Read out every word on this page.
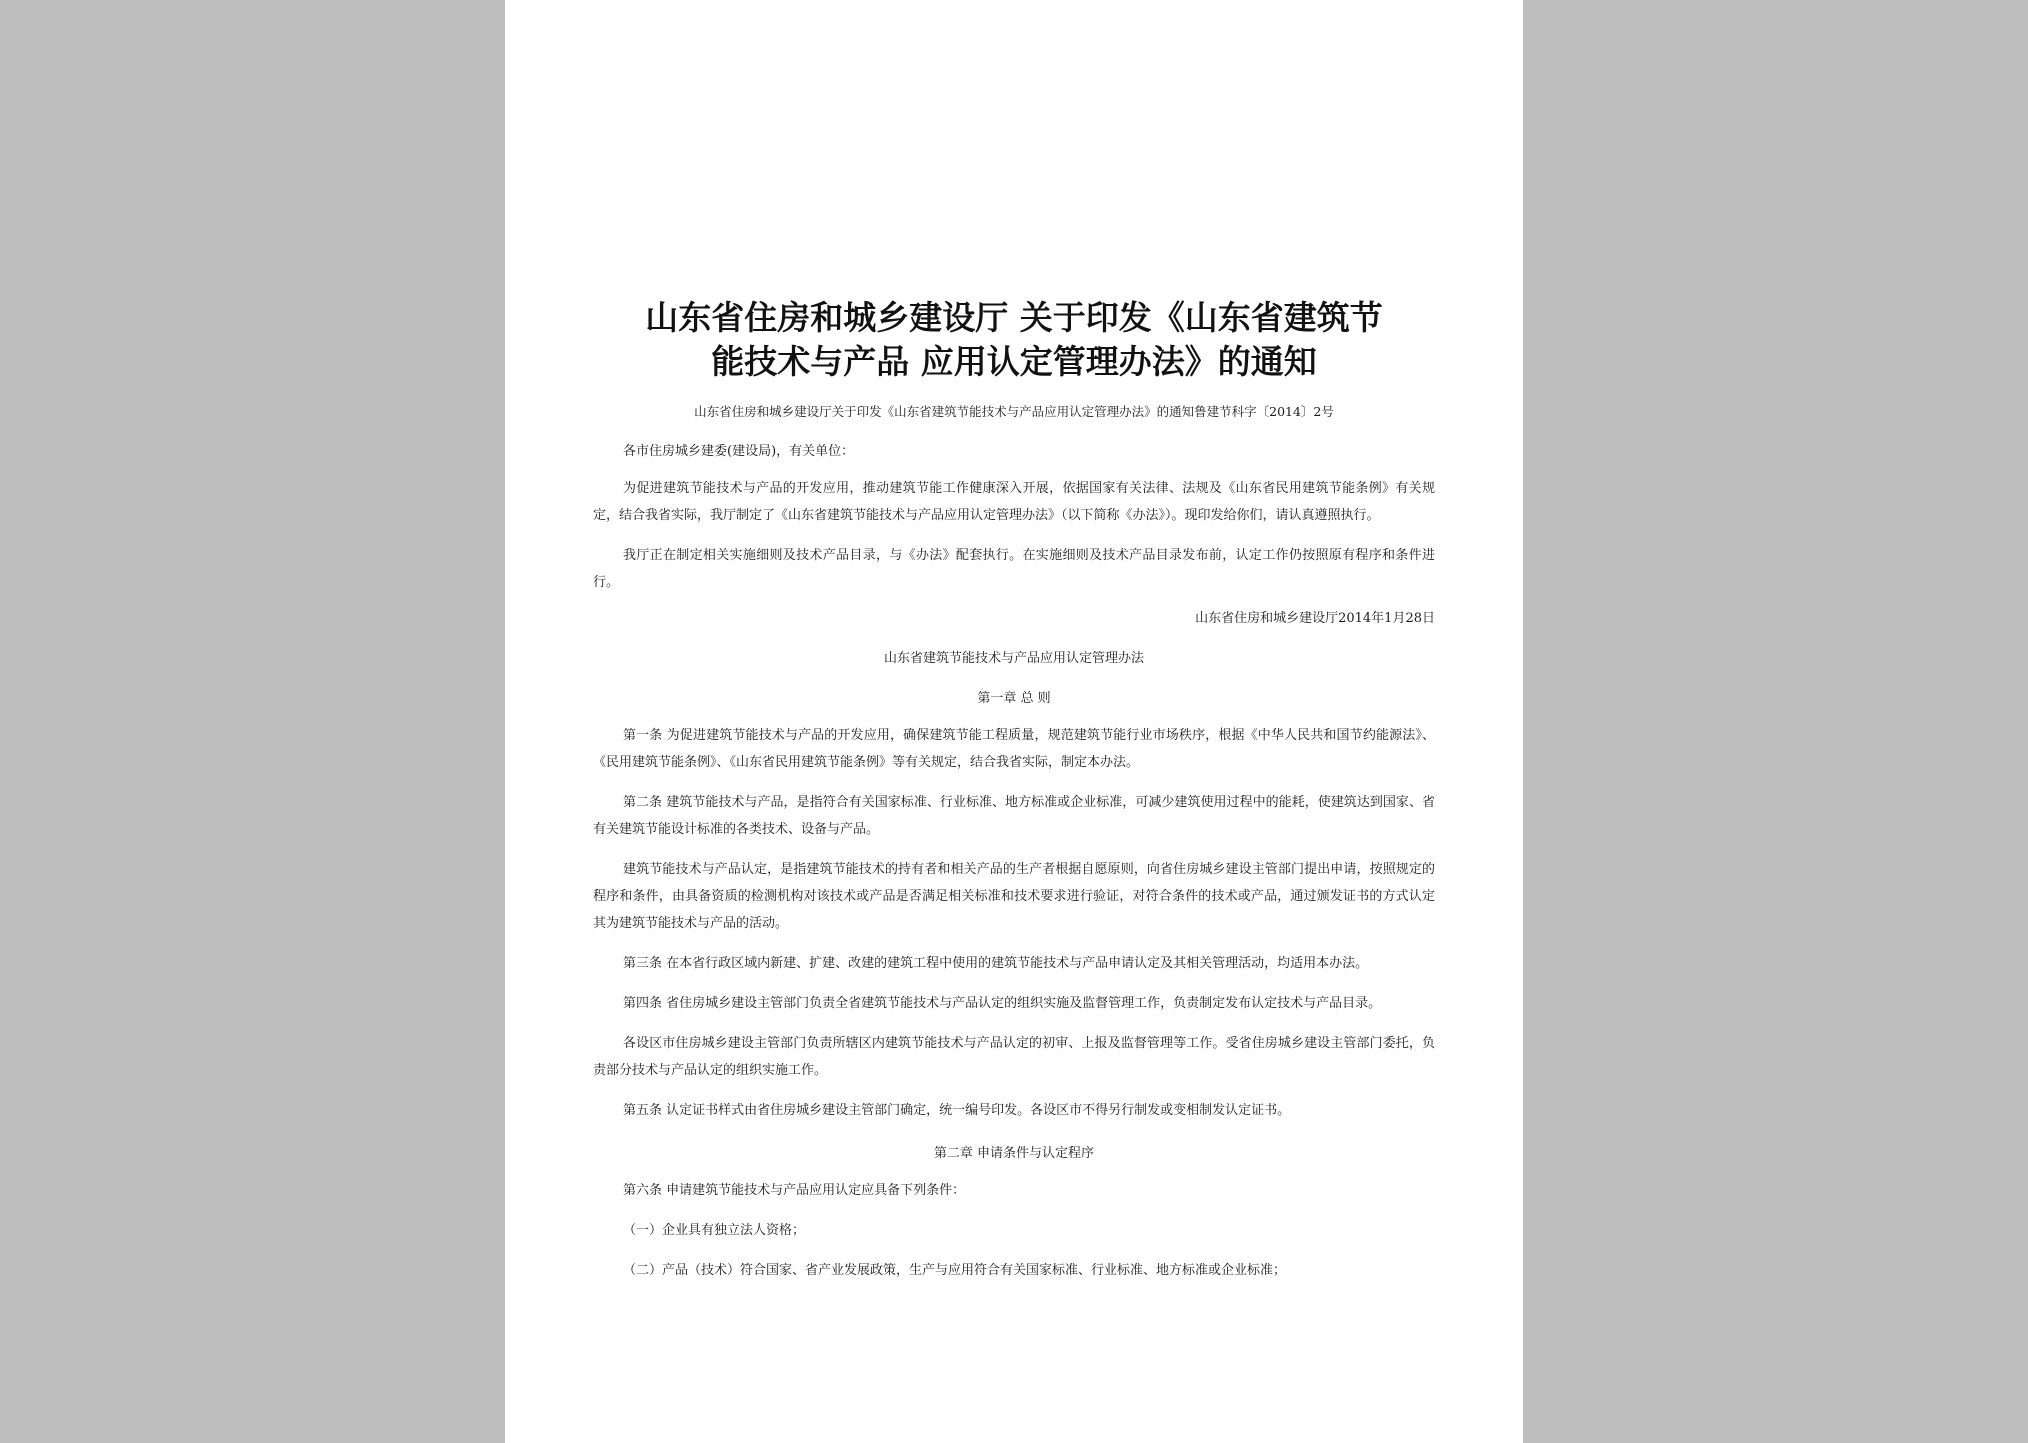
山东省住房和城乡建设厅 关于印发《山东省建筑节
能技术与产品 应用认定管理办法》的通知
山东省住房和城乡建设厅关于印发《山东省建筑节能技术与产品应用认定管理办法》的通知鲁建节科字〔2014〕2号
各市住房城乡建委(建设局)，有关单位：

为促进建筑节能技术与产品的开发应用，推动建筑节能工作健康深入开展，依据国家有关法律、法规及《山东省民用建筑节能条例》有关规定，结合我省实际，我厅制定了《山东省建筑节能技术与产品应用认定管理办法》（以下简称《办法》）。现印发给你们，请认真遵照执行。

我厅正在制定相关实施细则及技术产品目录，与《办法》配套执行。在实施细则及技术产品目录发布前，认定工作仍按照原有程序和条件进行。

山东省住房和城乡建设厅2014年1月28日
山东省建筑节能技术与产品应用认定管理办法
第一章 总 则

第一条 为促进建筑节能技术与产品的开发应用，确保建筑节能工程质量，规范建筑节能行业市场秩序，根据《中华人民共和国节约能源法》、《民用建筑节能条例》、《山东省民用建筑节能条例》等有关规定，结合我省实际，制定本办法。

第二条 建筑节能技术与产品，是指符合有关国家标准、行业标准、地方标准或企业标准，可减少建筑使用过程中的能耗，使建筑达到国家、省有关建筑节能设计标准的各类技术、设备与产品。

建筑节能技术与产品认定，是指建筑节能技术的持有者和相关产品的生产者根据自愿原则，向省住房城乡建设主管部门提出申请，按照规定的程序和条件，由具备资质的检测机构对该技术或产品是否满足相关标准和技术要求进行验证，对符合条件的技术或产品，通过颁发证书的方式认定其为建筑节能技术与产品的活动。

第三条 在本省行政区域内新建、扩建、改建的建筑工程中使用的建筑节能技术与产品申请认定及其相关管理活动，均适用本办法。

第四条 省住房城乡建设主管部门负责全省建筑节能技术与产品认定的组织实施及监督管理工作，负责制定发布认定技术与产品目录。

各设区市住房城乡建设主管部门负责所辖区内建筑节能技术与产品认定的初审、上报及监督管理等工作。受省住房城乡建设主管部门委托，负责部分技术与产品认定的组织实施工作。

第五条 认定证书样式由省住房城乡建设主管部门确定，统一编号印发。各设区市不得另行制发或变相制发认定证书。

第二章 申请条件与认定程序

第六条 申请建筑节能技术与产品应用认定应具备下列条件：

（一）企业具有独立法人资格；
（二）产品（技术）符合国家、省产业发展政策，生产与应用符合有关国家标准、行业标准、地方标准或企业标准；
